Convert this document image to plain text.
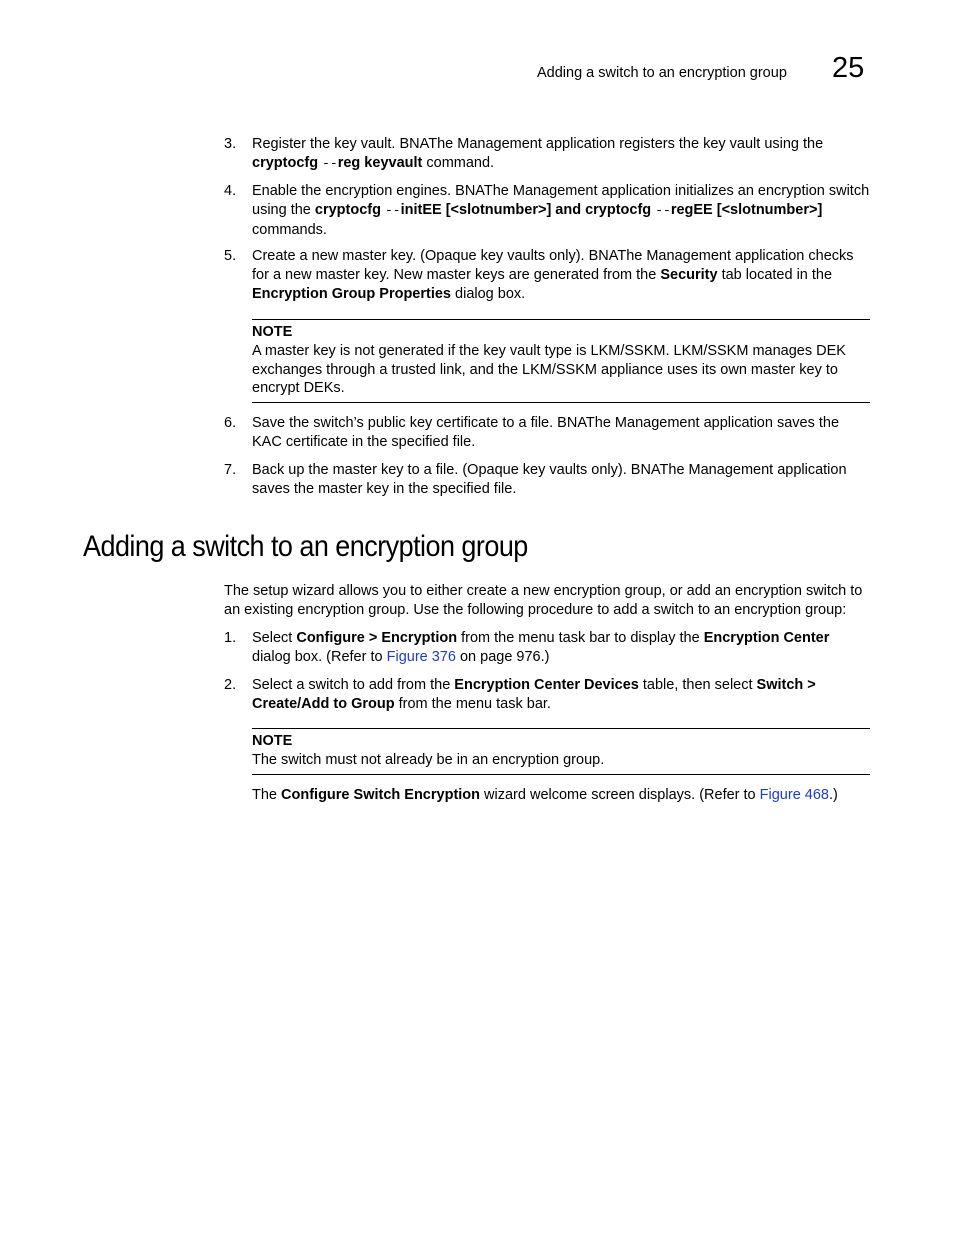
Adding a switch to an encryption group 25
3.	Register the key vault. BNAThe Management application registers the key vault using the cryptocfg --reg keyvault command.
4.	Enable the encryption engines. BNAThe Management application initializes an encryption switch using the cryptocfg --initEE [<slotnumber>] and cryptocfg --regEE [<slotnumber>] commands.
5.	Create a new master key. (Opaque key vaults only). BNAThe Management application checks for a new master key. New master keys are generated from the Security tab located in the Encryption Group Properties dialog box.
NOTE
A master key is not generated if the key vault type is LKM/SSKM. LKM/SSKM manages DEK exchanges through a trusted link, and the LKM/SSKM appliance uses its own master key to encrypt DEKs.
6.	Save the switch’s public key certificate to a file. BNAThe Management application saves the KAC certificate in the specified file.
7.	Back up the master key to a file. (Opaque key vaults only). BNAThe Management application saves the master key in the specified file.
Adding a switch to an encryption group
The setup wizard allows you to either create a new encryption group, or add an encryption switch to an existing encryption group. Use the following procedure to add a switch to an encryption group:
1.	Select Configure > Encryption from the menu task bar to display the Encryption Center dialog box. (Refer to Figure 376 on page 976.)
2.	Select a switch to add from the Encryption Center Devices table, then select Switch > Create/Add to Group from the menu task bar.
NOTE
The switch must not already be in an encryption group.
The Configure Switch Encryption wizard welcome screen displays. (Refer to Figure 468.)
